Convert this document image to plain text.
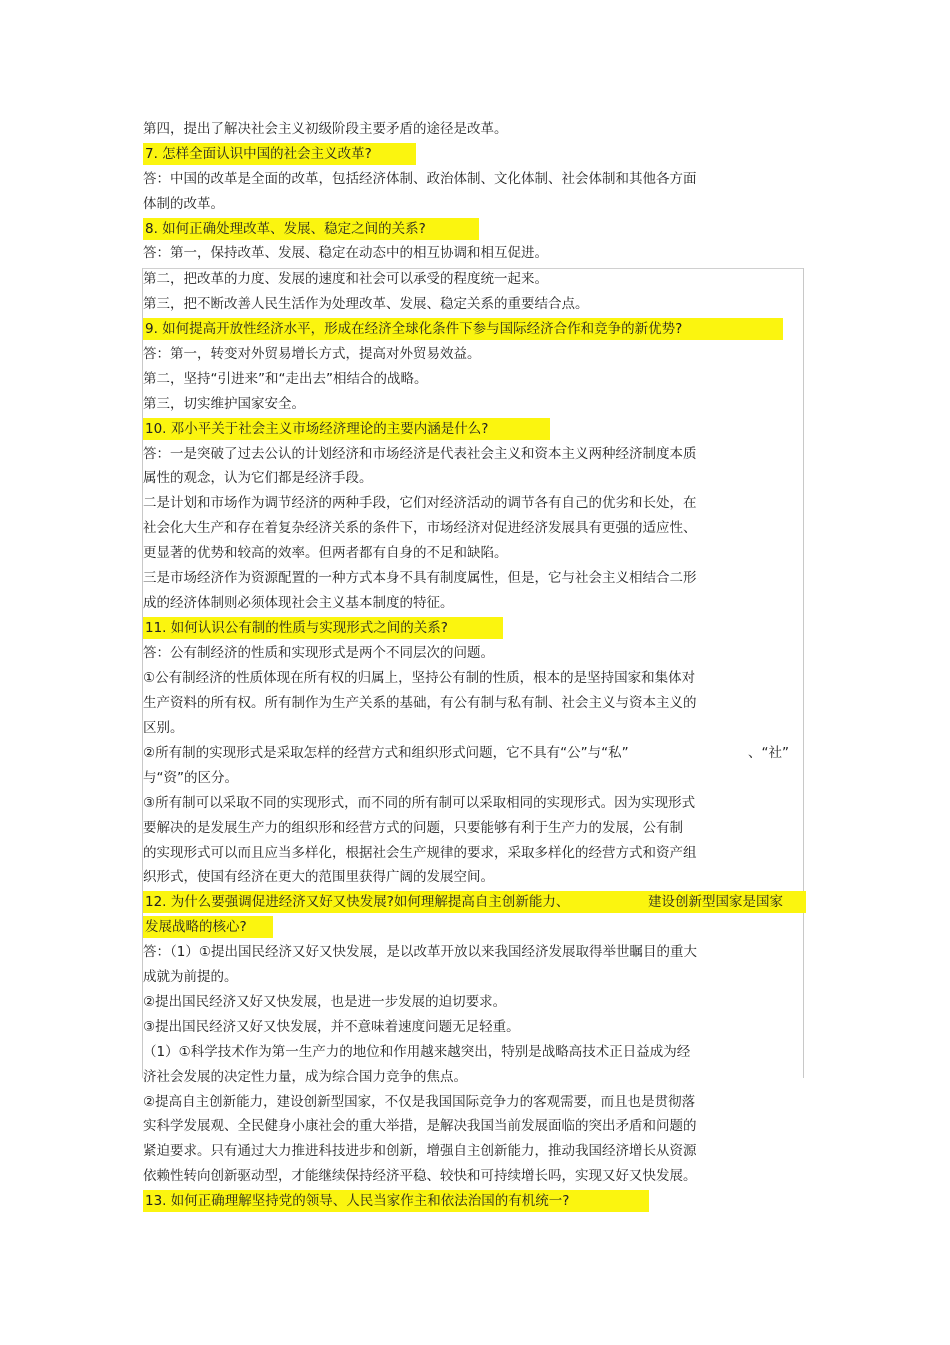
第四，提出了解决社会主义初级阶段主要矛盾的途径是改革。
7. 怎样全面认识中国的社会主义改革?
答：中国的改革是全面的改革，包括经济体制、政治体制、文化体制、社会体制和其他各方面
体制的改革。
8. 如何正确处理改革、发展、稳定之间的关系?
答：第一，保持改革、发展、稳定在动态中的相互协调和相互促进。
第二，把改革的力度、发展的速度和社会可以承受的程度统一起来。
第三，把不断改善人民生活作为处理改革、发展、稳定关系的重要结合点。
9. 如何提高开放性经济水平，形成在经济全球化条件下参与国际经济合作和竞争的新优势?
答：第一，转变对外贸易增长方式，提高对外贸易效益。
第二，坚持“引进来”和“走出去”相结合的战略。
第三，切实维护国家安全。
10. 邓小平关于社会主义市场经济理论的主要内涵是什么?
答：一是突破了过去公认的计划经济和市场经济是代表社会主义和资本主义两种经济制度本质
属性的观念，认为它们都是经济手段。
二是计划和市场作为调节经济的两种手段，它们对经济活动的调节各有自己的优劣和长处，在
社会化大生产和存在着复杂经济关系的条件下，市场经济对促进经济发展具有更强的适应性、
更显著的优势和较高的效率。但两者都有自身的不足和缺陷。
三是市场经济作为资源配置的一种方式本身不具有制度属性，但是，它与社会主义相结合二形
成的经济体制则必须体现社会主义基本制度的特征。
11. 如何认识公有制的性质与实现形式之间的关系?
答：公有制经济的性质和实现形式是两个不同层次的问题。
①公有制经济的性质体现在所有权的归属上，坚持公有制的性质，根本的是坚持国家和集体对
生产资料的所有权。所有制作为生产关系的基础，有公有制与私有制、社会主义与资本主义的
区别。
②所有制的实现形式是采取怎样的经营方式和组织形式问题，它不具有“公”与“私”	、“社”
与“资”的区分。
③所有制可以采取不同的实现形式，而不同的所有制可以采取相同的实现形式。因为实现形式
要解决的是发展生产力的组织形和经营方式的问题，只要能够有利于生产力的发展，公有制
的实现形式可以而且应当多样化，根据社会生产规律的要求，采取多样化的经营方式和资产组
织形式，使国有经济在更大的范围里获得广阔的发展空间。
12. 为什么要强调促进经济又好又快发展?如何理解提高自主创新能力、	建设创新型国家是国家
发展战略的核心?
答：（1）①提出国民经济又好又快发展，是以改革开放以来我国经济发展取得举世瞩目的重大
成就为前提的。
②提出国民经济又好又快发展，也是进一步发展的迫切要求。
③提出国民经济又好又快发展，并不意味着速度问题无足轻重。
（1）①科学技术作为第一生产力的地位和作用越来越突出，特别是战略高技术正日益成为经
济社会发展的决定性力量，成为综合国力竞争的焦点。
②提高自主创新能力，建设创新型国家，不仅是我国国际竞争力的客观需要，而且也是贯彻落
实科学发展观、全民健身小康社会的重大举措，是解决我国当前发展面临的突出矛盾和问题的
紧迫要求。只有通过大力推进科技进步和创新，增强自主创新能力，推动我国经济增长从资源
依赖性转向创新驱动型，才能继续保持经济平稳、较快和可持续增长吗，实现又好又快发展。
13. 如何正确理解坚持党的领导、人民当家作主和依法治国的有机统一?
